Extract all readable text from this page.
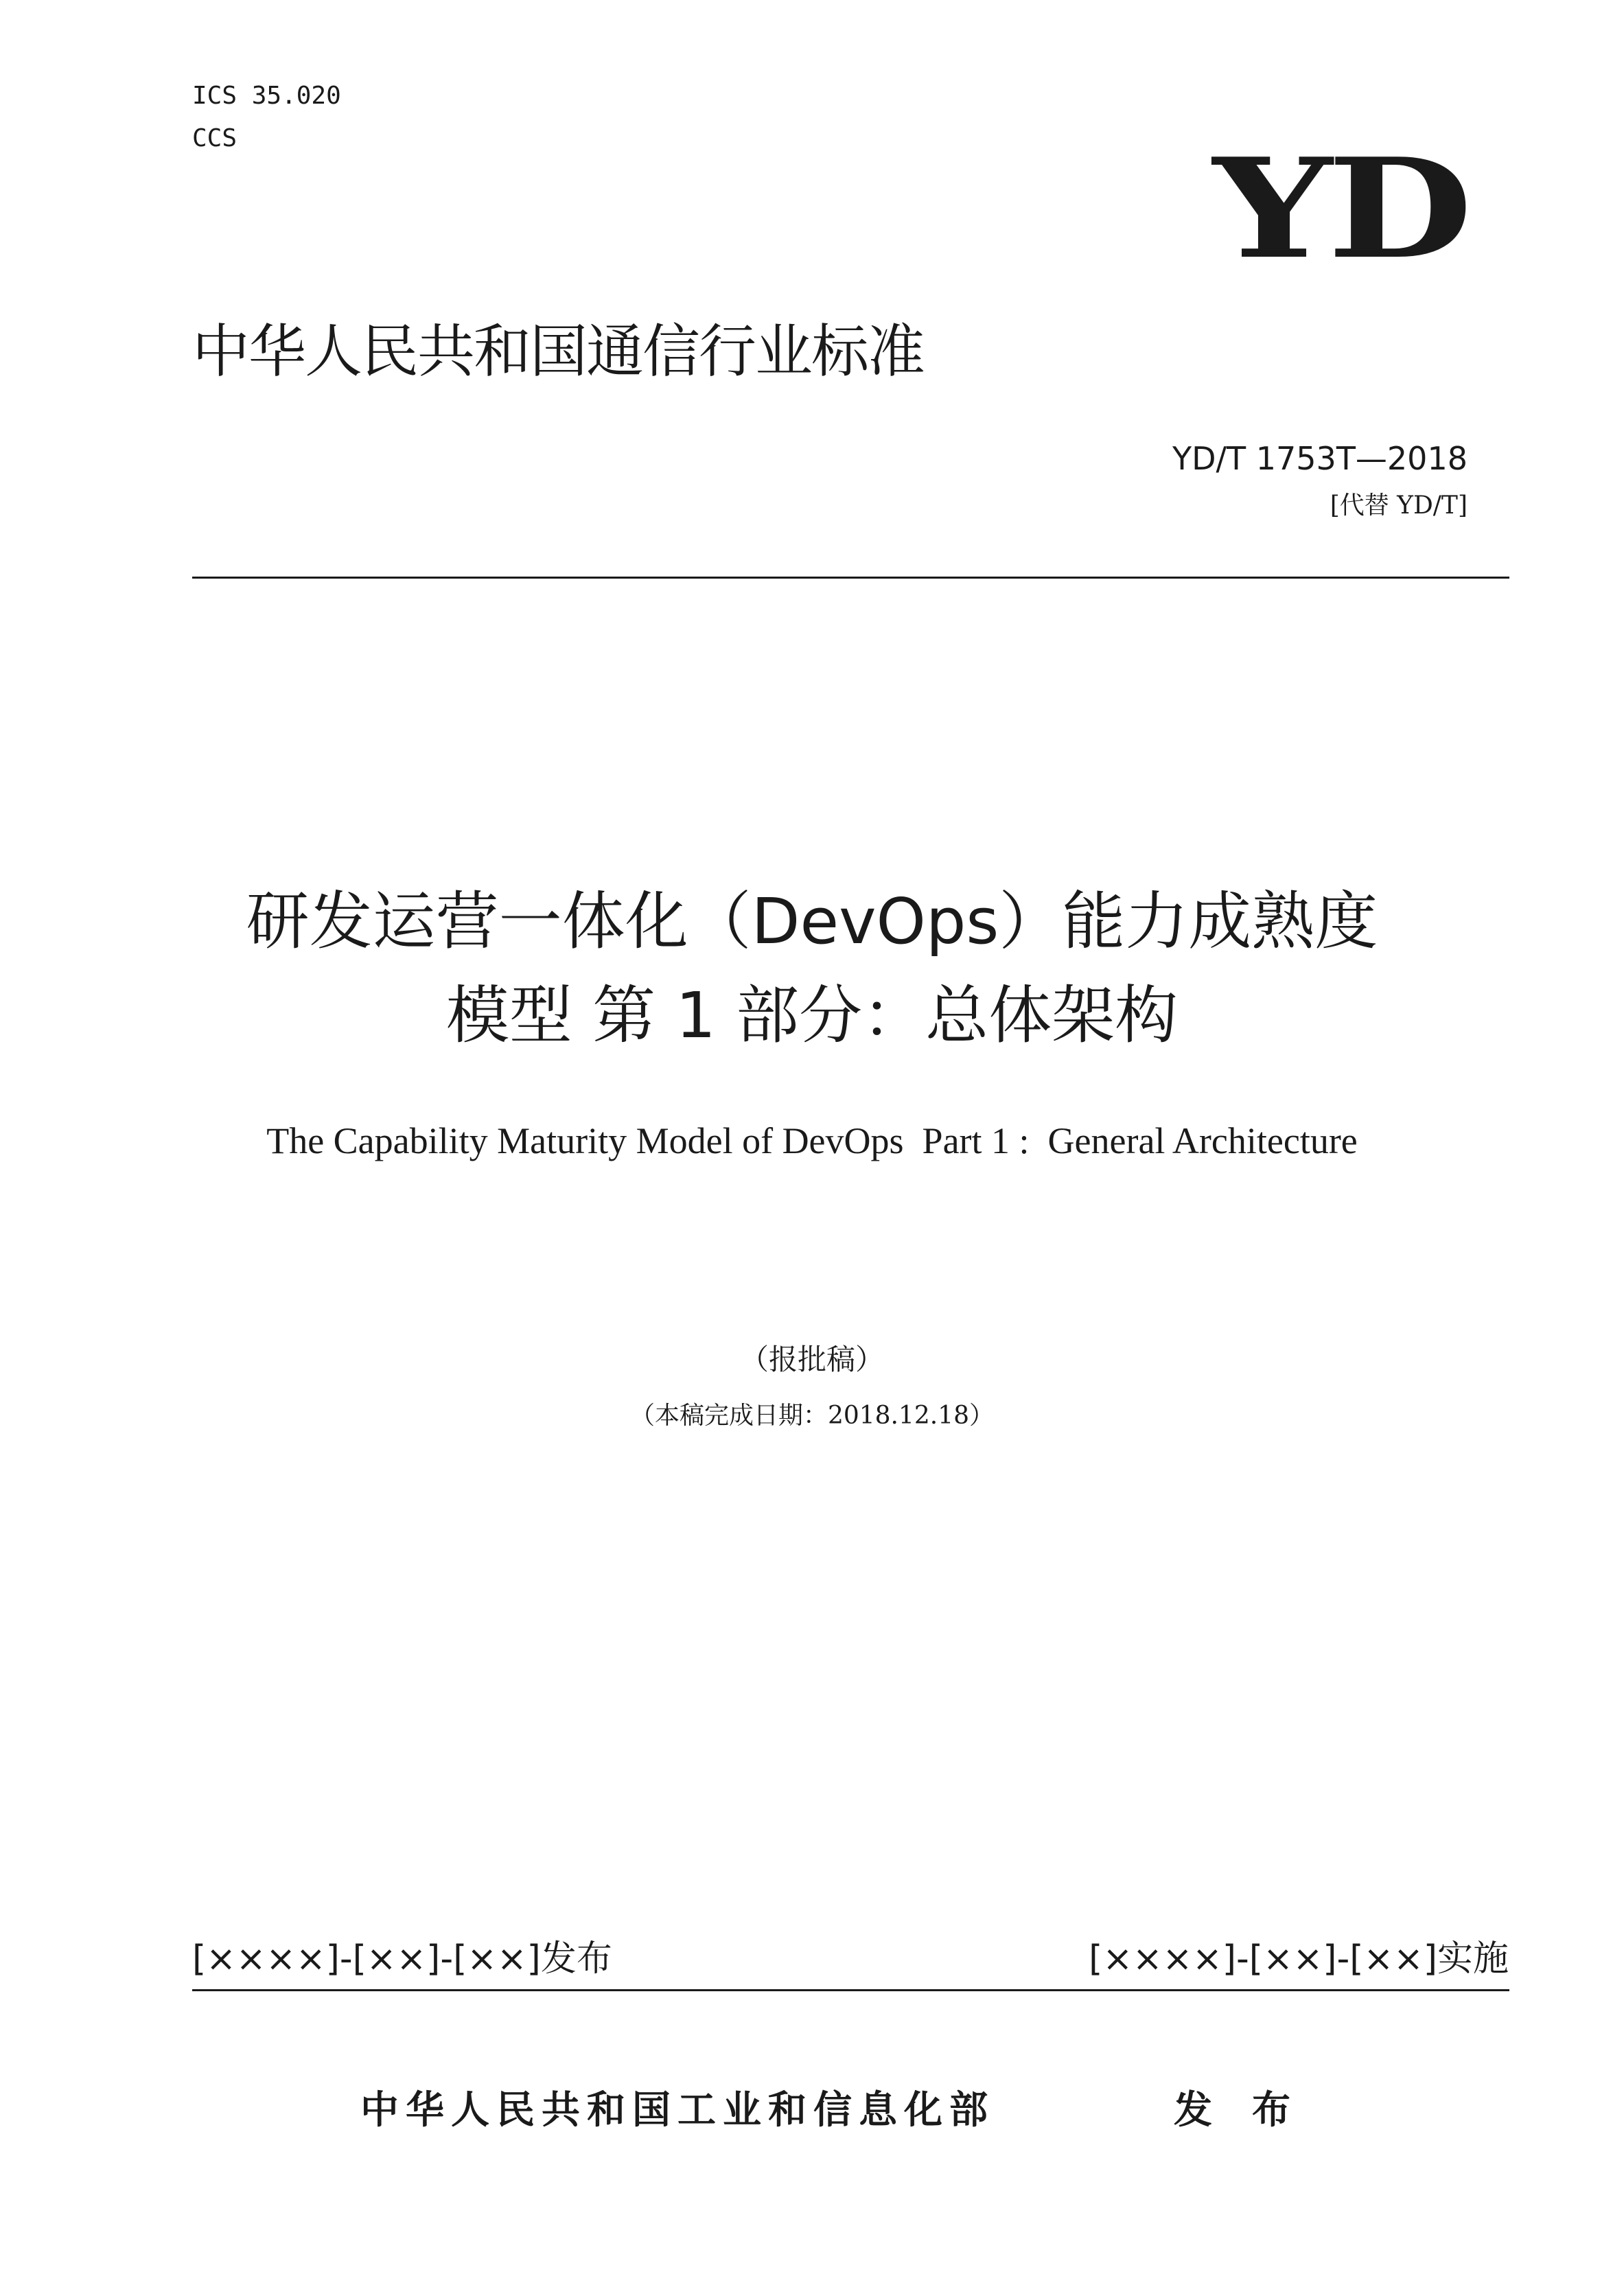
ICS 35.020
CCS	YD
中华人民共和国通信行业标准
YD/T 1753T—2018
[代替 YD/T]
研发运营一体化（DevOps）能力成熟度
模型 第 1 部分：总体架构
The Capability Maturity Model of DevOps  Part 1 :  General Architecture
（报批稿）
（本稿完成日期：2018.12.18）
[××××]-[××]-[××]发布	[××××]-[××]-[××]实施
中华人民共和国工业和信息化部	发布
